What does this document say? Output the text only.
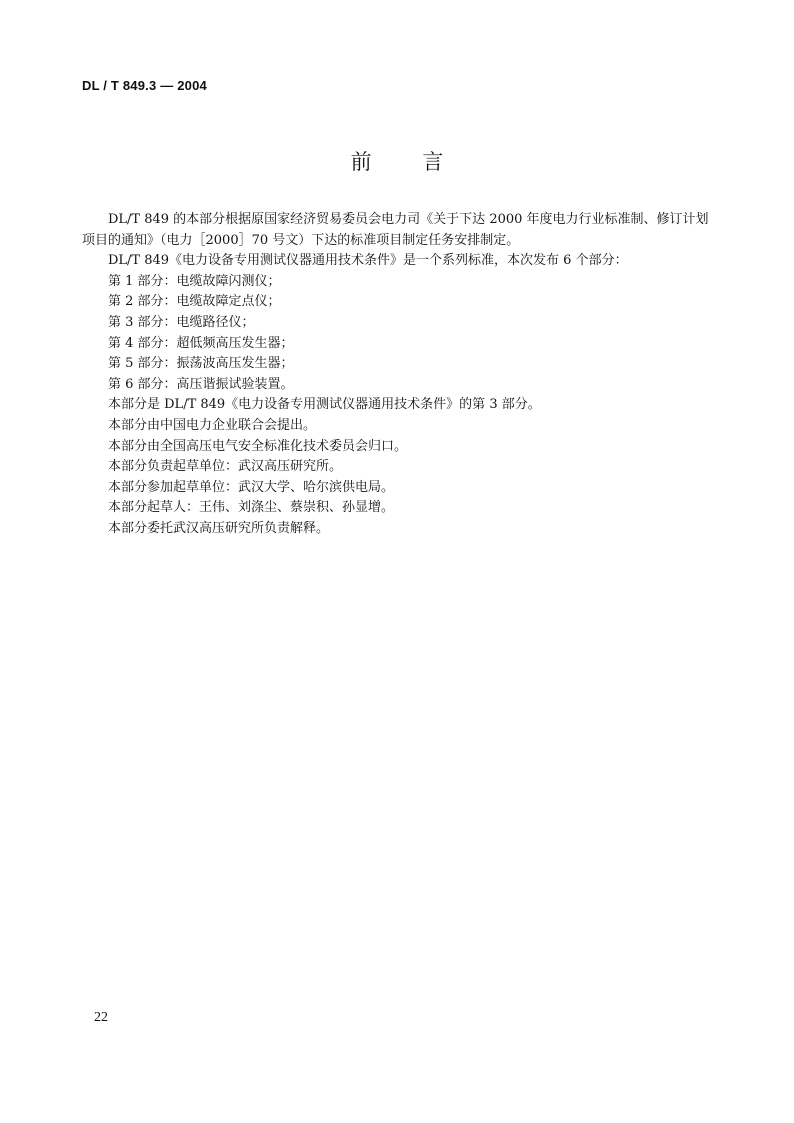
DL / T 849.3 — 2004
前 言

DL/T 849 的本部分根据原国家经济贸易委员会电力司《关于下达 2000 年度电力行业标准制、修订计划项目的通知》（电力［2000］70 号文）下达的标准项目制定任务安排制定。

DL/T 849《电力设备专用测试仪器通用技术条件》是一个系列标准，本次发布 6 个部分：

第 1 部分：电缆故障闪测仪；

第 2 部分：电缆故障定点仪；

第 3 部分：电缆路径仪；

第 4 部分：超低频高压发生器；

第 5 部分：振荡波高压发生器；

第 6 部分：高压谐振试验装置。

本部分是 DL/T 849《电力设备专用测试仪器通用技术条件》的第 3 部分。

本部分由中国电力企业联合会提出。

本部分由全国高压电气安全标准化技术委员会归口。

本部分负责起草单位：武汉高压研究所。

本部分参加起草单位：武汉大学、哈尔滨供电局。

本部分起草人：王伟、刘涤尘、蔡崇积、孙显增。

本部分委托武汉高压研究所负责解释。

22
